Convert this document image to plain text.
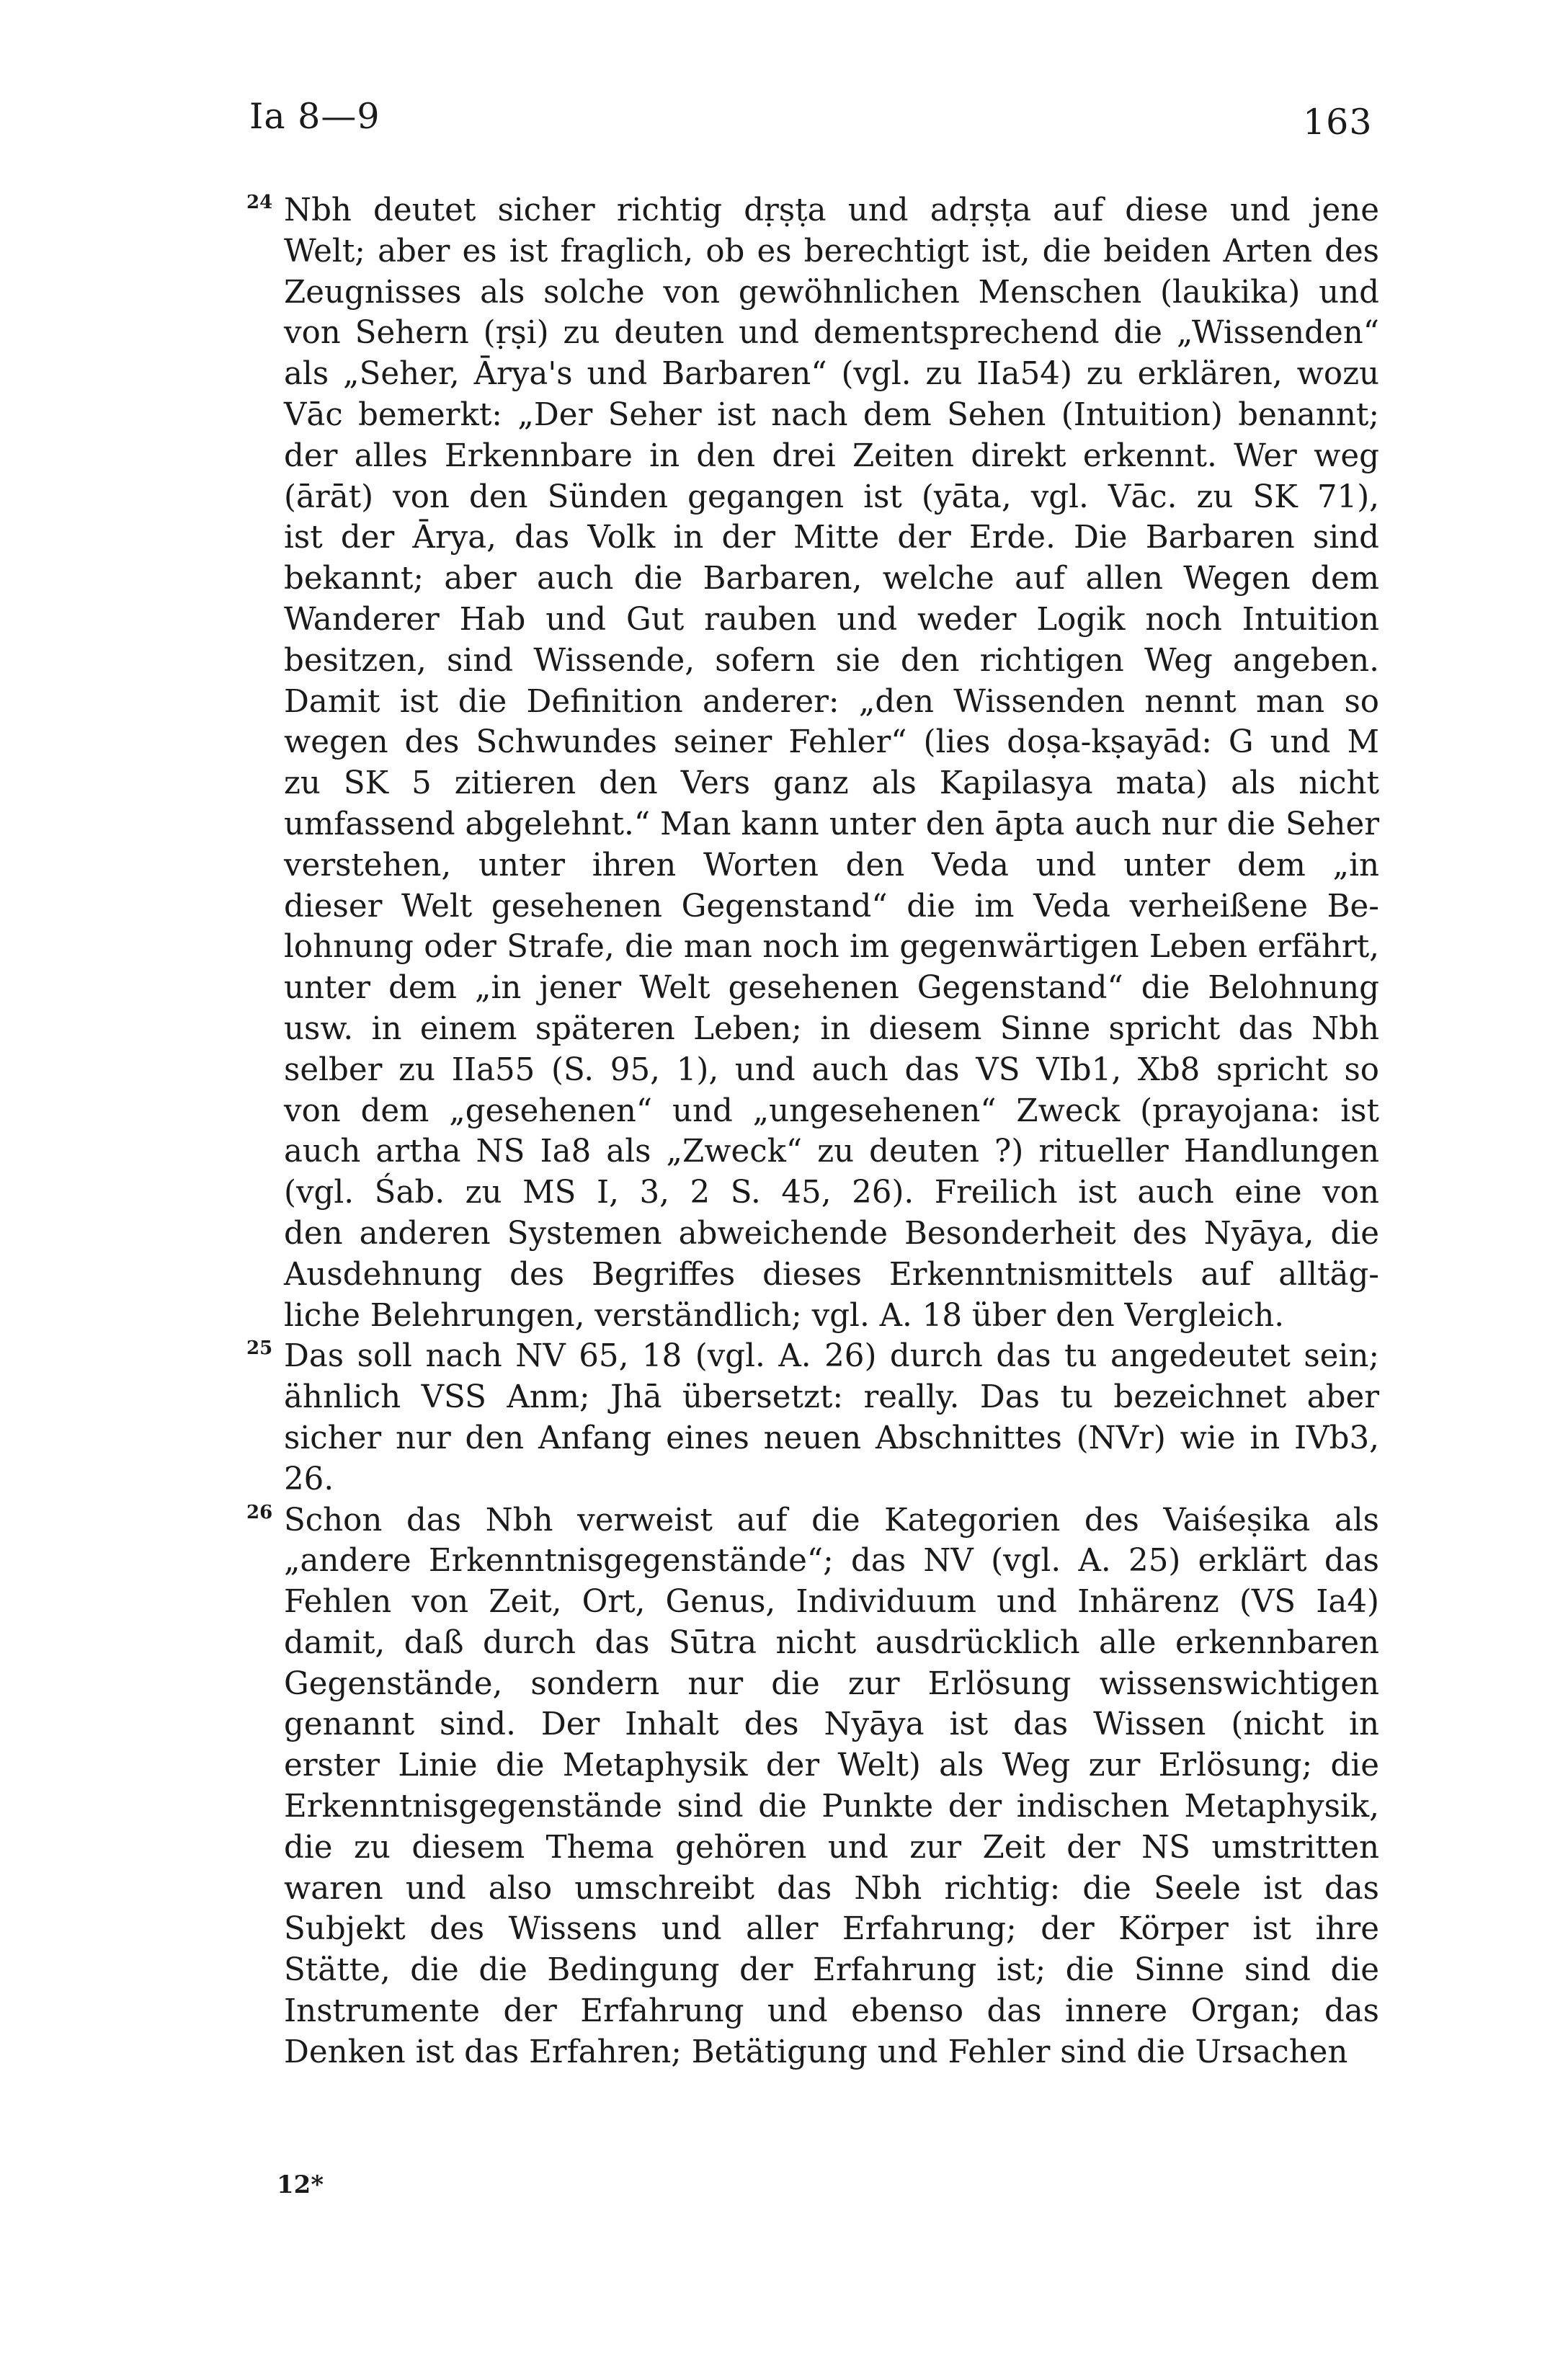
Ia 8—9	163
24 Nbh deutet sicher richtig dṛṣṭa und adṛṣṭa auf diese und jene
Welt; aber es ist fraglich, ob es berechtigt ist, die beiden Arten des
Zeugnisses als solche von gewöhnlichen Menschen (laukika) und
von Sehern (ṛṣi) zu deuten und dementsprechend die „Wissenden“
als „Seher, Ārya's und Barbaren“ (vgl. zu IIa54) zu erklären, wozu
Vāc bemerkt: „Der Seher ist nach dem Sehen (Intuition) benannt;
der alles Erkennbare in den drei Zeiten direkt erkennt. Wer weg
(ārāt) von den Sünden gegangen ist (yāta, vgl. Vāc. zu SK 71),
ist der Ārya, das Volk in der Mitte der Erde. Die Barbaren sind
bekannt; aber auch die Barbaren, welche auf allen Wegen dem
Wanderer Hab und Gut rauben und weder Logik noch Intuition
besitzen, sind Wissende, sofern sie den richtigen Weg angeben.
Damit ist die Definition anderer: „den Wissenden nennt man so
wegen des Schwundes seiner Fehler“ (lies doṣa-kṣayād: G und M
zu SK 5 zitieren den Vers ganz als Kapilasya mata) als nicht
umfassend abgelehnt.“ Man kann unter den āpta auch nur die Seher
verstehen, unter ihren Worten den Veda und unter dem „in
dieser Welt gesehenen Gegenstand“ die im Veda verheißene Be-
lohnung oder Strafe, die man noch im gegenwärtigen Leben erfährt,
unter dem „in jener Welt gesehenen Gegenstand“ die Belohnung
usw. in einem späteren Leben; in diesem Sinne spricht das Nbh
selber zu IIa55 (S. 95, 1), und auch das VS VIb1, Xb8 spricht so
von dem „gesehenen“ und „ungesehenen“ Zweck (prayojana: ist
auch artha NS Ia8 als „Zweck“ zu deuten ?) ritueller Handlungen
(vgl. Śab. zu MS I, 3, 2 S. 45, 26). Freilich ist auch eine von
den anderen Systemen abweichende Besonderheit des Nyāya, die
Ausdehnung des Begriffes dieses Erkenntnismittels auf alltäg-
liche Belehrungen, verständlich; vgl. A. 18 über den Vergleich.
25 Das soll nach NV 65, 18 (vgl. A. 26) durch das tu angedeutet sein;
ähnlich VSS Anm; Jhā übersetzt: really. Das tu bezeichnet aber
sicher nur den Anfang eines neuen Abschnittes (NVr) wie in IVb3,
26.
26 Schon das Nbh verweist auf die Kategorien des Vaiśeṣika als
„andere Erkenntnisgegenstände“; das NV (vgl. A. 25) erklärt das
Fehlen von Zeit, Ort, Genus, Individuum und Inhärenz (VS Ia4)
damit, daß durch das Sūtra nicht ausdrücklich alle erkennbaren
Gegenstände, sondern nur die zur Erlösung wissenswichtigen
genannt sind. Der Inhalt des Nyāya ist das Wissen (nicht in
erster Linie die Metaphysik der Welt) als Weg zur Erlösung; die
Erkenntnisgegenstände sind die Punkte der indischen Metaphysik,
die zu diesem Thema gehören und zur Zeit der NS umstritten
waren und also umschreibt das Nbh richtig: die Seele ist das
Subjekt des Wissens und aller Erfahrung; der Körper ist ihre
Stätte, die die Bedingung der Erfahrung ist; die Sinne sind die
Instrumente der Erfahrung und ebenso das innere Organ; das
Denken ist das Erfahren; Betätigung und Fehler sind die Ursachen
12*
